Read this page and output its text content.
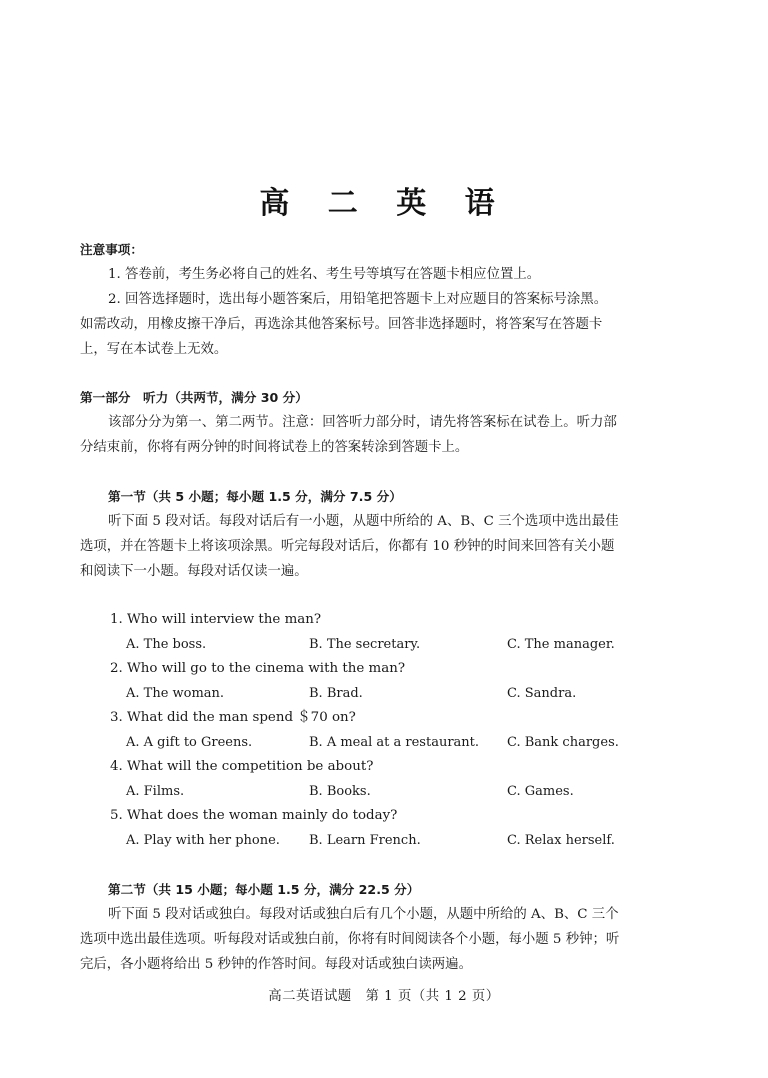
高 二 英 语
注意事项：
1. 答卷前，考生务必将自己的姓名、考生号等填写在答题卡相应位置上。
2. 回答选择题时，选出每小题答案后，用铅笔把答题卡上对应题目的答案标号涂黑。
如需改动，用橡皮擦干净后，再选涂其他答案标号。回答非选择题时，将答案写在答题卡
上，写在本试卷上无效。
第一部分　听力（共两节，满分 30 分）
该部分分为第一、第二两节。注意：回答听力部分时，请先将答案标在试卷上。听力部
分结束前，你将有两分钟的时间将试卷上的答案转涂到答题卡上。
第一节（共 5 小题；每小题 1.5 分，满分 7.5 分）
听下面 5 段对话。每段对话后有一小题，从题中所给的 A、B、C 三个选项中选出最佳
选项，并在答题卡上将该项涂黑。听完每段对话后，你都有 10 秒钟的时间来回答有关小题
和阅读下一小题。每段对话仅读一遍。
1. Who will interview the man?
A. The boss.	B. The secretary.	C. The manager.
2. Who will go to the cinema with the man?
A. The woman.	B. Brad.	C. Sandra.
3. What did the man spend ＄70 on?
A. A gift to Greens.	B. A meal at a restaurant. C. Bank charges.
4. What will the competition be about?
A. Films.	B. Books.	C. Games.
5. What does the woman mainly do today?
A. Play with her phone. B. Learn French.	C. Relax herself.
第二节（共 15 小题；每小题 1.5 分，满分 22.5 分）
听下面 5 段对话或独白。每段对话或独白后有几个小题，从题中所给的 A、B、C 三个
选项中选出最佳选项。听每段对话或独白前，你将有时间阅读各个小题，每小题 5 秒钟；听
完后，各小题将给出 5 秒钟的作答时间。每段对话或独白读两遍。
高二英语试题　第 1 页（共 1 2 页）
